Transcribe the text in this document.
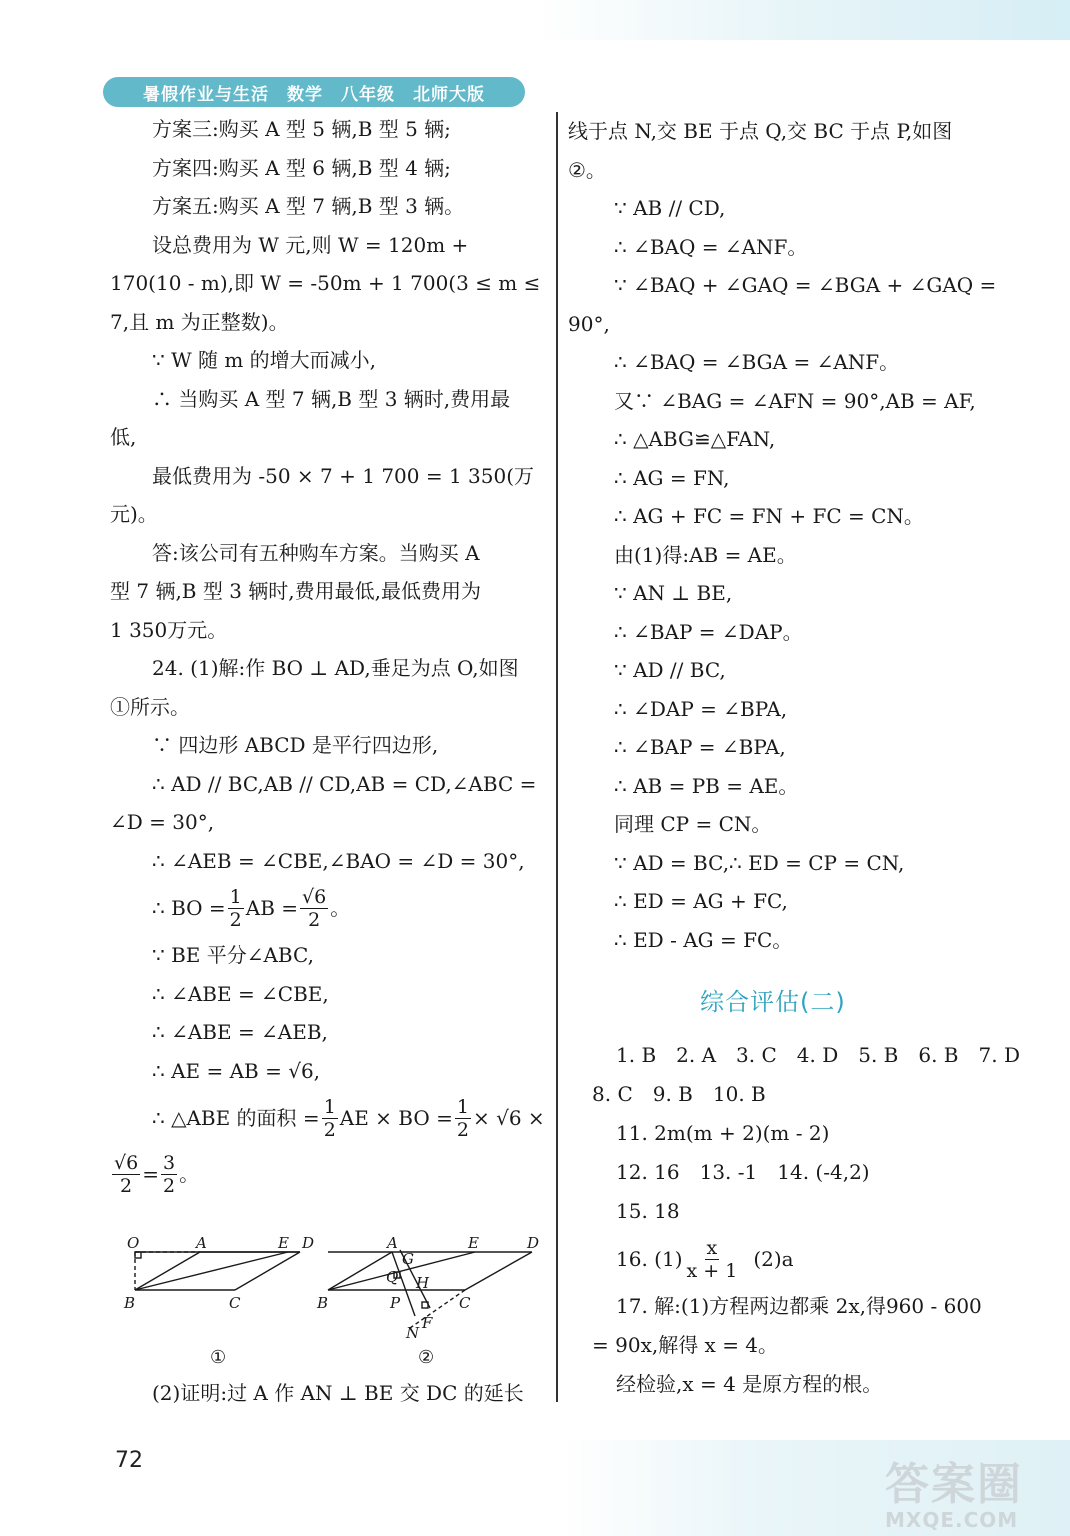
暑假作业与生活　数学　八年级　北师大版
方案三:购买 A 型 5 辆,B 型 5 辆;
方案四:购买 A 型 6 辆,B 型 4 辆;
方案五:购买 A 型 7 辆,B 型 3 辆。
设总费用为 W 元,则 W = 120m +
170(10 - m),即 W = -50m + 1 700(3 ≤ m ≤
7,且 m 为正整数)。
∵ W 随 m 的增大而减小,
∴ 当购买 A 型 7 辆,B 型 3 辆时,费用最
低,
最低费用为 -50 × 7 + 1 700 = 1 350(万
元)。
答:该公司有五种购车方案。当购买 A
型 7 辆,B 型 3 辆时,费用最低,最低费用为
1 350万元。
24. (1)解:作 BO ⊥ AD,垂足为点 O,如图
①所示。
∵ 四边形 ABCD 是平行四边形,
∴ AD // BC,AB // CD,AB = CD,∠ABC =
∠D = 30°,
∴ ∠AEB = ∠CBE,∠BAO = ∠D = 30°,
∴ BO = $\frac{1}{2}$ AB = $\frac{√6}{2}$ 。
∵ BE 平分∠ABC,
∴ ∠ABE = ∠CBE,
∴ ∠ABE = ∠AEB,
∴ AE = AB = √6,
∴ △ABE 的面积 = $\frac{1}{2}$ AE × BO = $\frac{1}{2} \times √6$ ×
$\frac{√6}{2} = \frac{3}{2}$ 。
O	A	E D
B	C
①
A	E	D
G
Q H
B	P	C
N
F
②
(2)证明:过 A 作 AN ⊥ BE 交 DC 的延长
线于点 N,交 BE 于点 Q,交 BC 于点 P,如图
②。
∵ AB // CD,
∴ ∠BAQ = ∠ANF。
∵ ∠BAQ + ∠GAQ = ∠BGA + ∠GAQ =
90°,
∴ ∠BAQ = ∠BGA = ∠ANF。
又∵ ∠BAG = ∠AFN = 90°,AB = AF,
∴ △ABG≌△FAN,
∴ AG = FN,
∴ AG + FC = FN + FC = CN。
由(1)得:AB = AE。
∵ AN ⊥ BE,
∴ ∠BAP = ∠DAP。
∵ AD // BC,
∴ ∠DAP = ∠BPA,
∴ ∠BAP = ∠BPA,
∴ AB = PB = AE。
同理 CP = CN。
∵ AD = BC,∴ ED = CP = CN,
∴ ED = AG + FC,
∴ ED - AG = FC。
综合评估(二)
1. B　2. A　3. C　4. D　5. B　6. B　7. D
8. C　9. B　10. B
11. 2m(m + 2)(m - 2)
12. 16　13. -1　14. (-4,2)
15. 18
16. $(1) \frac{x}{x + 1} (2)a$
17. 解:(1)方程两边都乘 2x,得960 - 600
= 90x,解得 x = 4。
经检验,x = 4 是原方程的根。
72	答案圈
MXQE.COM
